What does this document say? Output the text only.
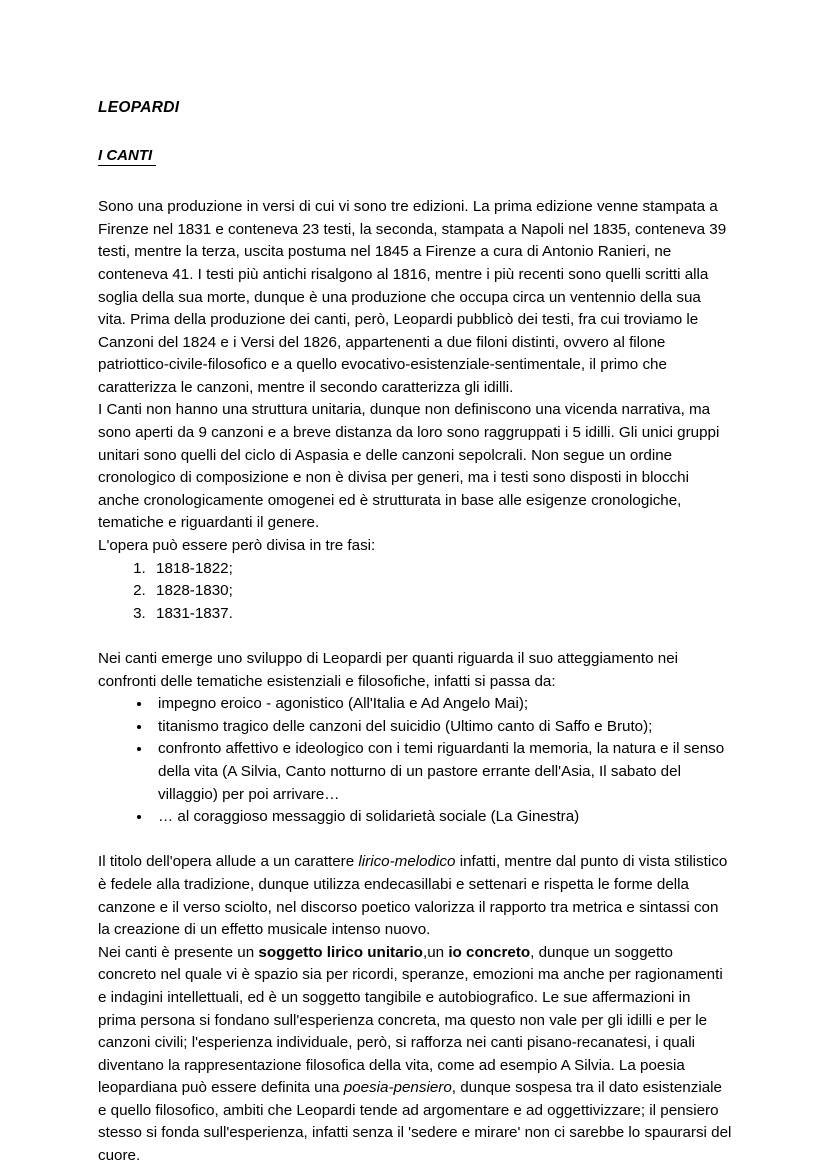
LEOPARDI
I CANTI

Sono una produzione in versi di cui vi sono tre edizioni. La prima edizione venne stampata a Firenze nel 1831 e conteneva 23 testi, la seconda, stampata a Napoli nel 1835, conteneva 39 testi, mentre la terza, uscita postuma nel 1845 a Firenze a cura di Antonio Ranieri, ne conteneva 41. I testi più antichi risalgono al 1816, mentre i più recenti sono quelli scritti alla soglia della sua morte, dunque è una produzione che occupa circa un ventennio della sua vita. Prima della produzione dei canti, però, Leopardi pubblicò dei testi, fra cui troviamo le Canzoni del 1824 e i Versi del 1826, appartenenti a due filoni distinti, ovvero al filone patriottico-civile-filosofico e a quello evocativo-esistenziale-sentimentale, il primo che caratterizza le canzoni, mentre il secondo caratterizza gli idilli.

I Canti non hanno una struttura unitaria, dunque non definiscono una vicenda narrativa, ma sono aperti da 9 canzoni e a breve distanza da loro sono raggruppati i 5 idilli. Gli unici gruppi unitari sono quelli del ciclo di Aspasia e delle canzoni sepolcrali. Non segue un ordine cronologico di composizione e non è divisa per generi, ma i testi sono disposti in blocchi anche cronologicamente omogenei ed è strutturata in base alle esigenze cronologiche, tematiche e riguardanti il genere.

L'opera può essere però divisa in tre fasi:

1. 1818-1822;
2. 1828-1830;
3. 1831-1837.

Nei canti emerge uno sviluppo di Leopardi per quanti riguarda il suo atteggiamento nei confronti delle tematiche esistenziali e filosofiche, infatti si passa da:

• impegno eroico - agonistico (All'Italia e Ad Angelo Mai);
• titanismo tragico delle canzoni del suicidio (Ultimo canto di Saffo e Bruto);
• confronto affettivo e ideologico con i temi riguardanti la memoria, la natura e il senso della vita (A Silvia, Canto notturno di un pastore errante dell'Asia, Il sabato del villaggio) per poi arrivare…
• … al coraggioso messaggio di solidarietà sociale (La Ginestra)

Il titolo dell'opera allude a un carattere lirico-melodico infatti, mentre dal punto di vista stilistico è fedele alla tradizione, dunque utilizza endecasillabi e settenari e rispetta le forme della canzone e il verso sciolto, nel discorso poetico valorizza il rapporto tra metrica e sintassi con la creazione di un effetto musicale intenso nuovo.

Nei canti è presente un soggetto lirico unitario,un io concreto, dunque un soggetto concreto nel quale vi è spazio sia per ricordi, speranze, emozioni ma anche per ragionamenti e indagini intellettuali, ed è un soggetto tangibile e autobiografico. Le sue affermazioni in prima persona si fondano sull'esperienza concreta, ma questo non vale per gli idilli e per le canzoni civili; l'esperienza individuale, però, si rafforza nei canti pisano-recanatesi, i quali diventano la rappresentazione filosofica della vita, come ad esempio A Silvia. La poesia leopardiana può essere definita una poesia-pensiero, dunque sospesa tra il dato esistenziale e quello filosofico, ambiti che Leopardi tende ad argomentare e ad oggettivizzare; il pensiero stesso si fonda sull'esperienza, infatti senza il 'sedere e mirare' non ci sarebbe lo spaurarsi del cuore.
